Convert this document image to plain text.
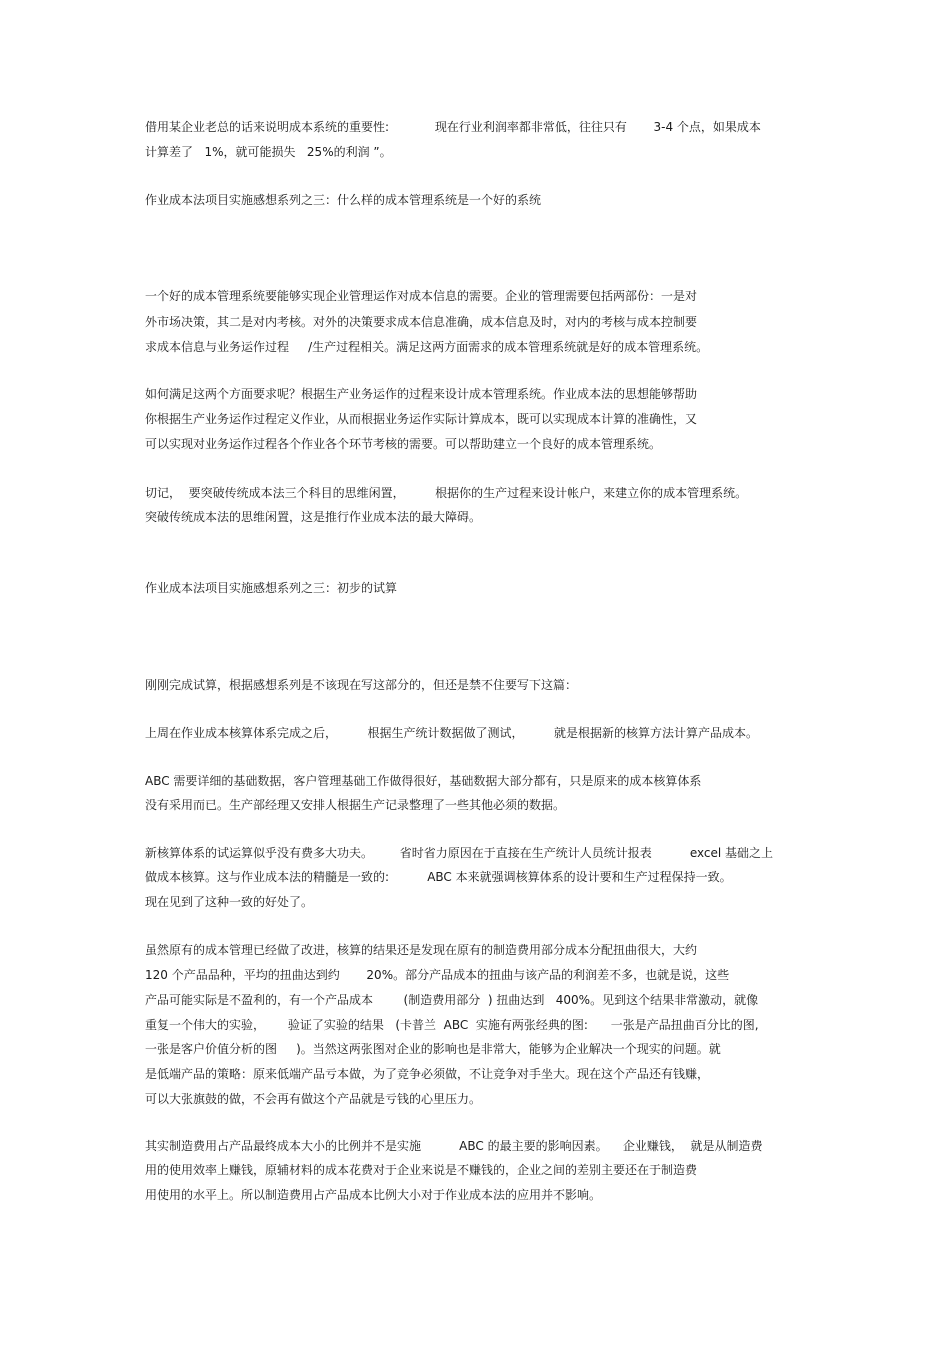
借用某企业老总的话来说明成本系统的重要性:            现在行业利润率都非常低，往往只有       3-4 个点，如果成本
计算差了   1%，就可能损失   25%的利润 ”。
作业成本法项目实施感想系列之三：什么样的成本管理系统是一个好的系统
一个好的成本管理系统要能够实现企业管理运作对成本信息的需要。企业的管理需要包括两部份：一是对
外市场决策，其二是对内考核。对外的决策要求成本信息准确，成本信息及时，对内的考核与成本控制要
求成本信息与业务运作过程     /生产过程相关。满足这两方面需求的成本管理系统就是好的成本管理系统。
如何满足这两个方面要求呢？根据生产业务运作的过程来设计成本管理系统。作业成本法的思想能够帮助
你根据生产业务运作过程定义作业，从而根据业务运作实际计算成本，既可以实现成本计算的准确性，又
可以实现对业务运作过程各个作业各个环节考核的需要。可以帮助建立一个良好的成本管理系统。
切记，  要突破传统成本法三个科目的思维闲置，        根据你的生产过程来设计帐户，来建立你的成本管理系统。
突破传统成本法的思维闲置，这是推行作业成本法的最大障碍。
作业成本法项目实施感想系列之三：初步的试算
刚刚完成试算，根据感想系列是不该现在写这部分的，但还是禁不住要写下这篇：
上周在作业成本核算体系完成之后，        根据生产统计数据做了测试，        就是根据新的核算方法计算产品成本。
ABC 需要详细的基础数据，客户管理基础工作做得很好，基础数据大部分都有，只是原来的成本核算体系
没有采用而已。生产部经理又安排人根据生产记录整理了一些其他必须的数据。
新核算体系的试运算似乎没有费多大功夫。       省时省力原因在于直接在生产统计人员统计报表          excel 基础之上
做成本核算。这与作业成本法的精髓是一致的:          ABC 本来就强调核算体系的设计要和生产过程保持一致。
现在见到了这种一致的好处了。
虽然原有的成本管理已经做了改进，核算的结果还是发现在原有的制造费用部分成本分配扭曲很大，大约
120 个产品品种，平均的扭曲达到约       20%。部分产品成本的扭曲与该产品的利润差不多，也就是说，这些
产品可能实际是不盈利的，有一个产品成本        (制造费用部分  ) 扭曲达到   400%。见到这个结果非常激动，就像
重复一个伟大的实验，      验证了实验的结果   (卡普兰  ABC  实施有两张经典的图:      一张是产品扭曲百分比的图,
一张是客户价值分析的图     )。当然这两张图对企业的影响也是非常大，能够为企业解决一个现实的问题。就
是低端产品的策略：原来低端产品亏本做，为了竞争必须做，不让竞争对手坐大。现在这个产品还有钱赚，
可以大张旗鼓的做，不会再有做这个产品就是亏钱的心里压力。
其实制造费用占产品最终成本大小的比例并不是实施          ABC 的最主要的影响因素。    企业赚钱，  就是从制造费
用的使用效率上赚钱，原辅材料的成本花费对于企业来说是不赚钱的，企业之间的差别主要还在于制造费
用使用的水平上。所以制造费用占产品成本比例大小对于作业成本法的应用并不影响。
